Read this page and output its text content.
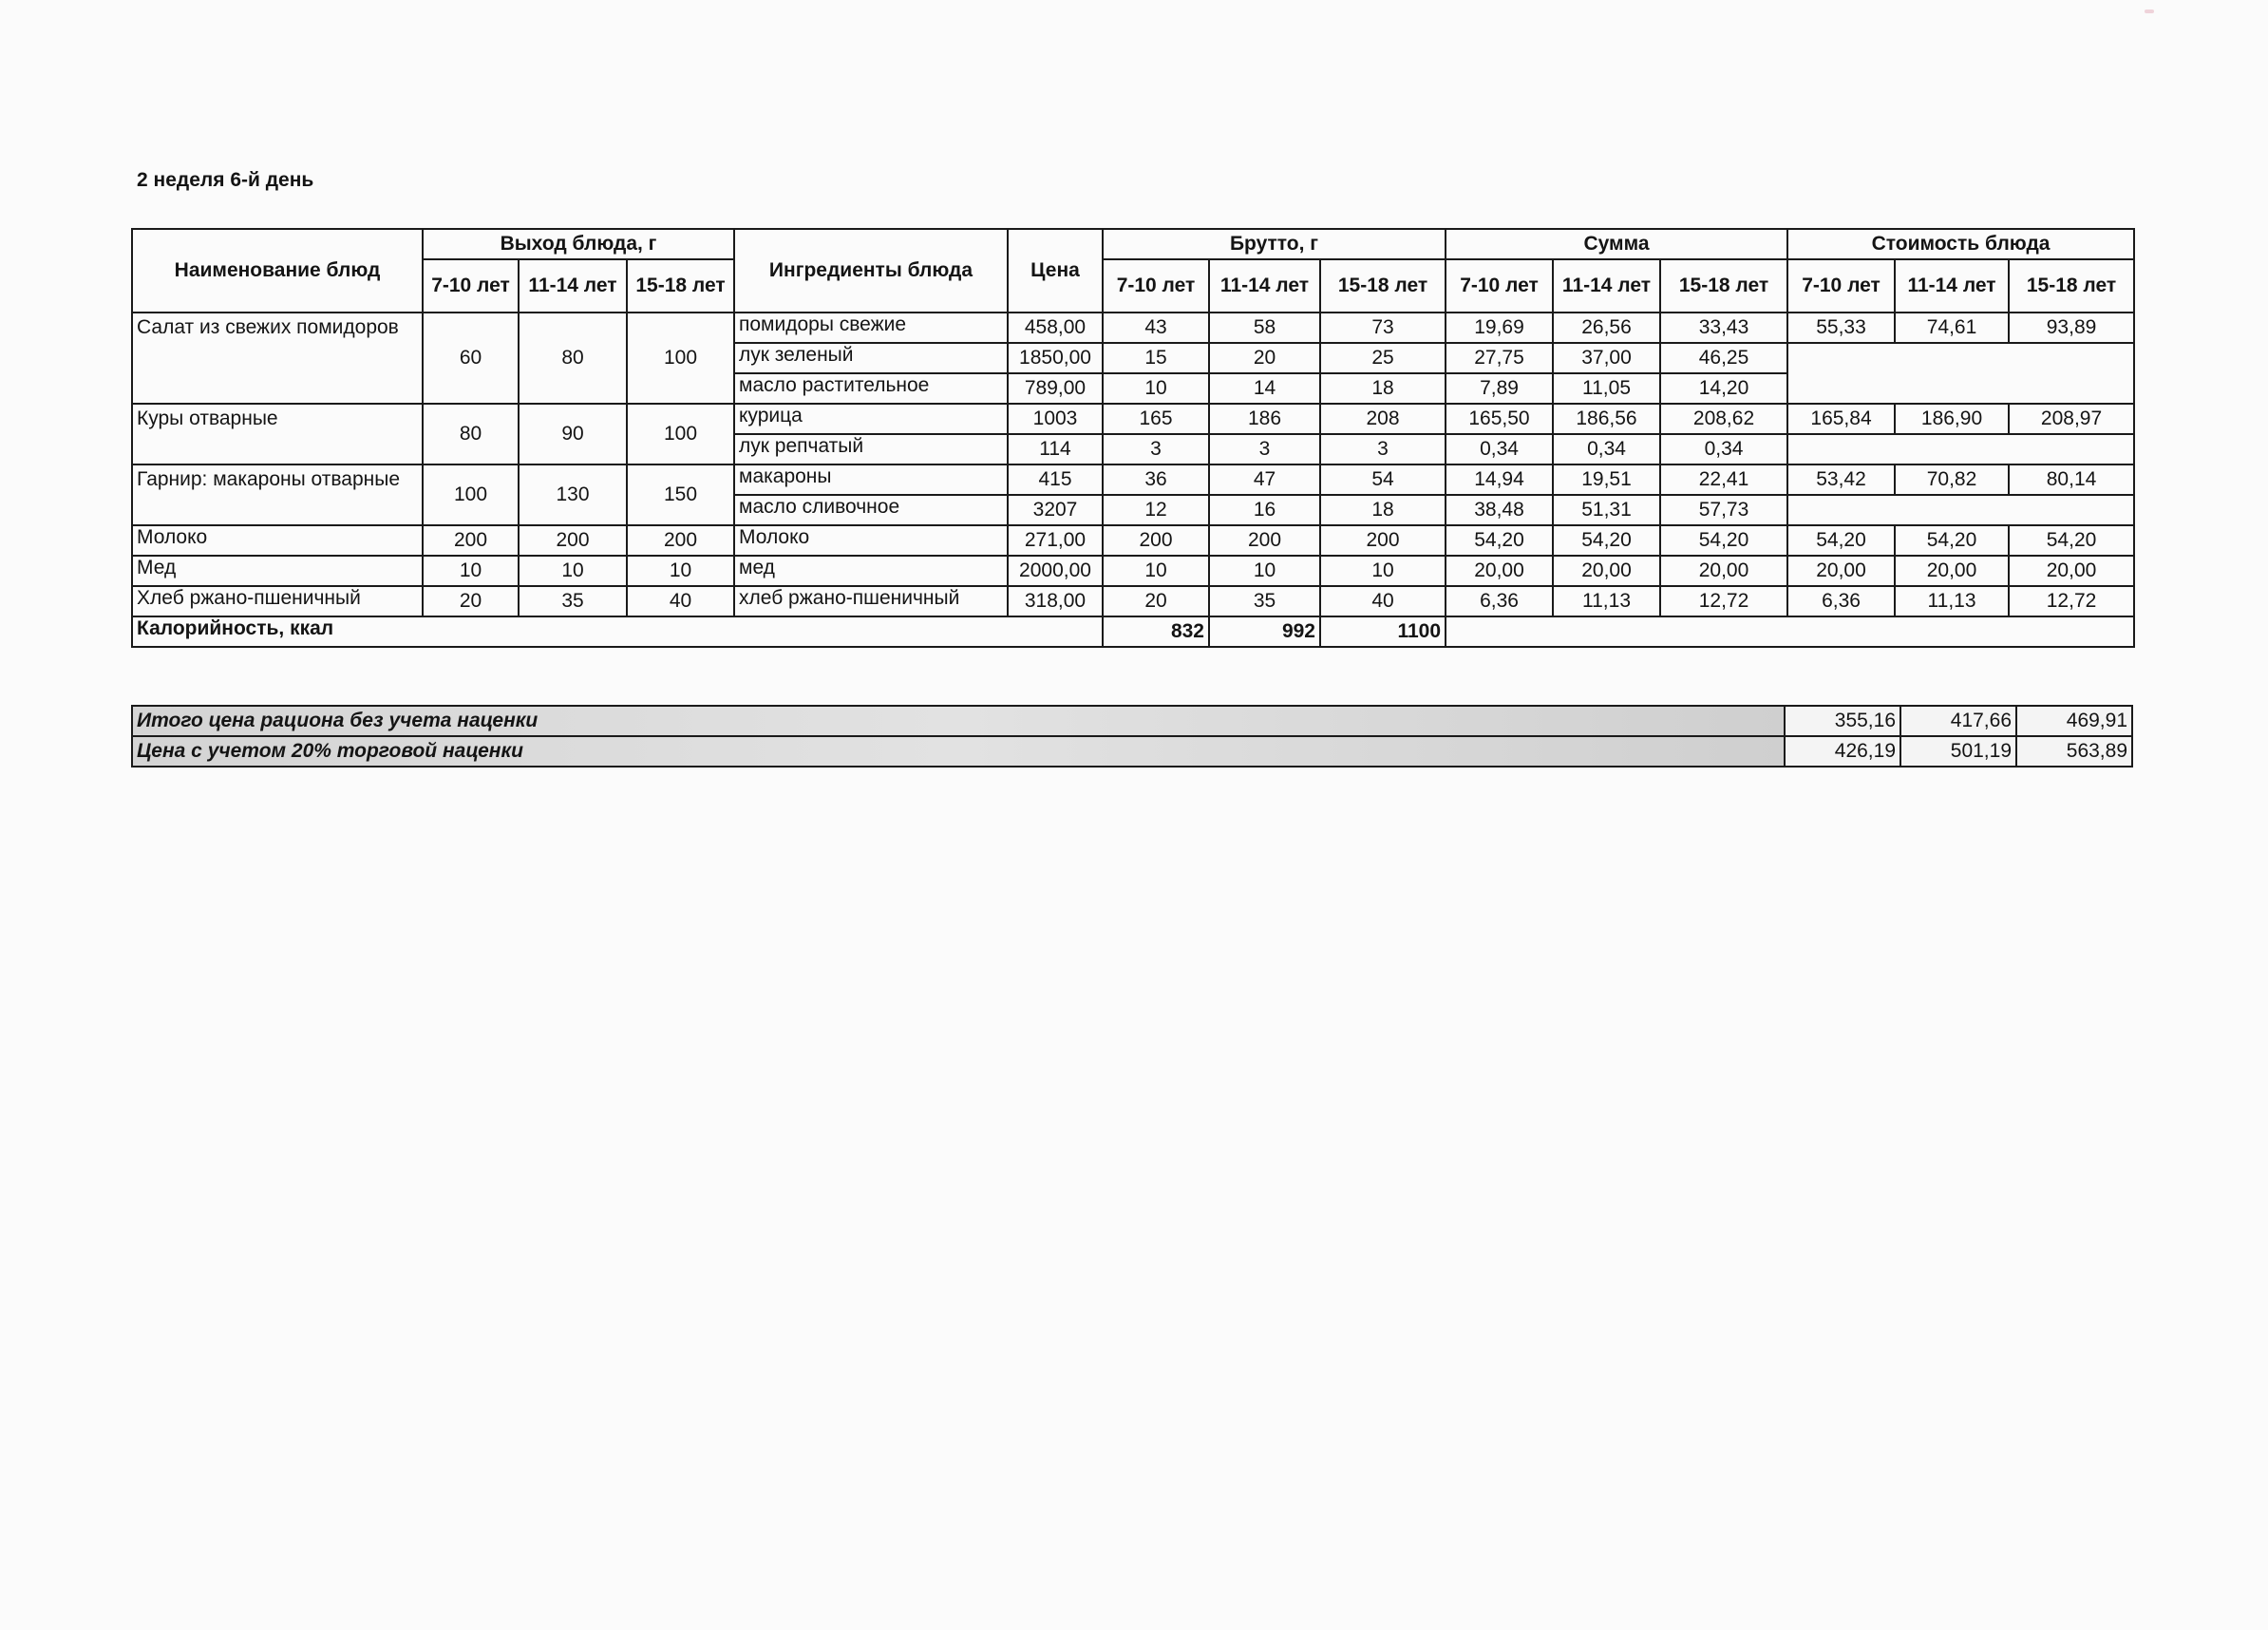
2 неделя 6-й день
Наименование блюд	Выход блюда, г			Ингредиенты блюда	Цена	Брутто, г			Сумма			Стоимость блюда		
	7-10 лет	11-14 лет	15-18 лет			7-10 лет	11-14 лет	15-18 лет	7-10 лет	11-14 лет	15-18 лет	7-10 лет	11-14 лет	15-18 лет
Салат из свежих помидоров	60	80	100	помидоры свежие	458,00	43	58	73	19,69	26,56	33,43	55,33	74,61	93,89
				лук зеленый	1850,00	15	20	25	27,75	37,00	46,25			
				масло растительное	789,00	10	14	18	7,89	11,05	14,20			
Куры отварные	80	90	100	курица	1003	165	186	208	165,50	186,56	208,62	165,84	186,90	208,97
				лук репчатый	114	3	3	3	0,34	0,34	0,34			
Гарнир: макароны отварные	100	130	150	макароны	415	36	47	54	14,94	19,51	22,41	53,42	70,82	80,14
				масло сливочное	3207	12	16	18	38,48	51,31	57,73			
Молоко	200	200	200	Молоко	271,00	200	200	200	54,20	54,20	54,20	54,20	54,20	54,20
Мед	10	10	10	мед	2000,00	10	10	10	20,00	20,00	20,00	20,00	20,00	20,00
Хлеб ржано-пшеничный	20	35	40	хлеб ржано-пшеничный	318,00	20	35	40	6,36	11,13	12,72	6,36	11,13	12,72
Калорийность, ккал						832	992	1100						
Итого цена рациона без учета наценки	355,16	417,66	469,91
Цена с учетом 20% торговой наценки	426,19	501,19	563,89
